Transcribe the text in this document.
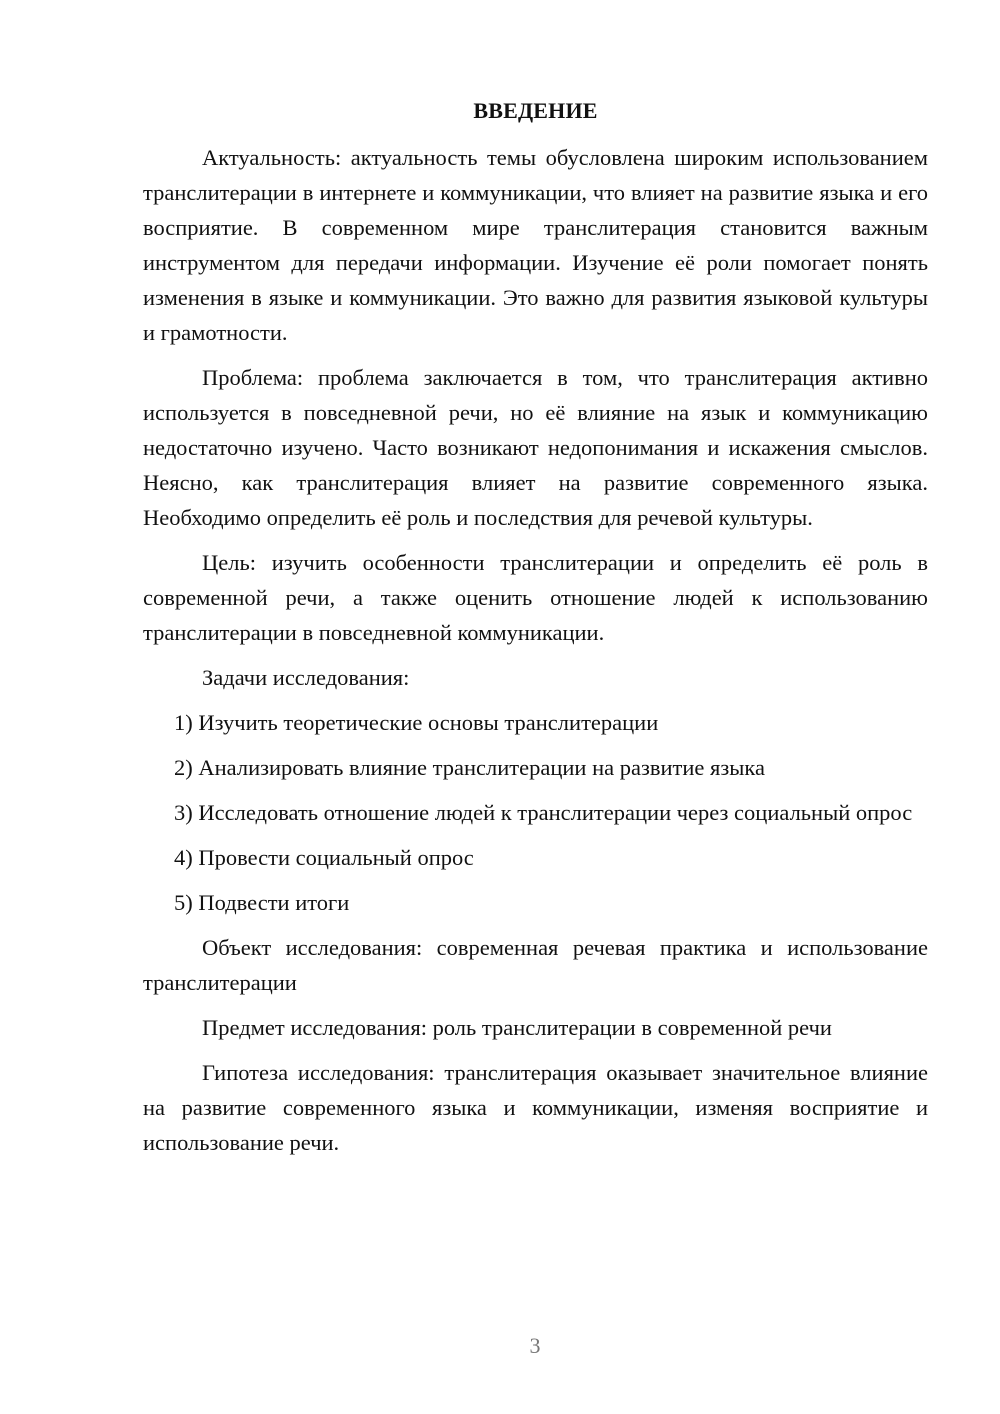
ВВЕДЕНИЕ

Актуальность: актуальность темы обусловлена широким использованием транслитерации в интернете и коммуникации, что влияет на развитие языка и его восприятие. В современном мире транслитерация становится важным инструментом для передачи информации. Изучение её роли помогает понять изменения в языке и коммуникации. Это важно для развития языковой культуры и грамотности.

Проблема: проблема заключается в том, что транслитерация активно используется в повседневной речи, но её влияние на язык и коммуникацию недостаточно изучено. Часто возникают недопонимания и искажения смыслов. Неясно, как транслитерация влияет на развитие современного языка. Необходимо определить её роль и последствия для речевой культуры.

Цель: изучить особенности транслитерации и определить её роль в современной речи, а также оценить отношение людей к использованию транслитерации в повседневной коммуникации.

Задачи исследования:

1) Изучить теоретические основы транслитерации

2) Анализировать влияние транслитерации на развитие языка

3) Исследовать отношение людей к транслитерации через социальный опрос

4) Провести социальный опрос

5) Подвести итоги

Объект исследования: современная речевая практика и использование транслитерации

Предмет исследования: роль транслитерации в современной речи

Гипотеза исследования: транслитерация оказывает значительное влияние на развитие современного языка и коммуникации, изменяя восприятие и использование речи.

3
